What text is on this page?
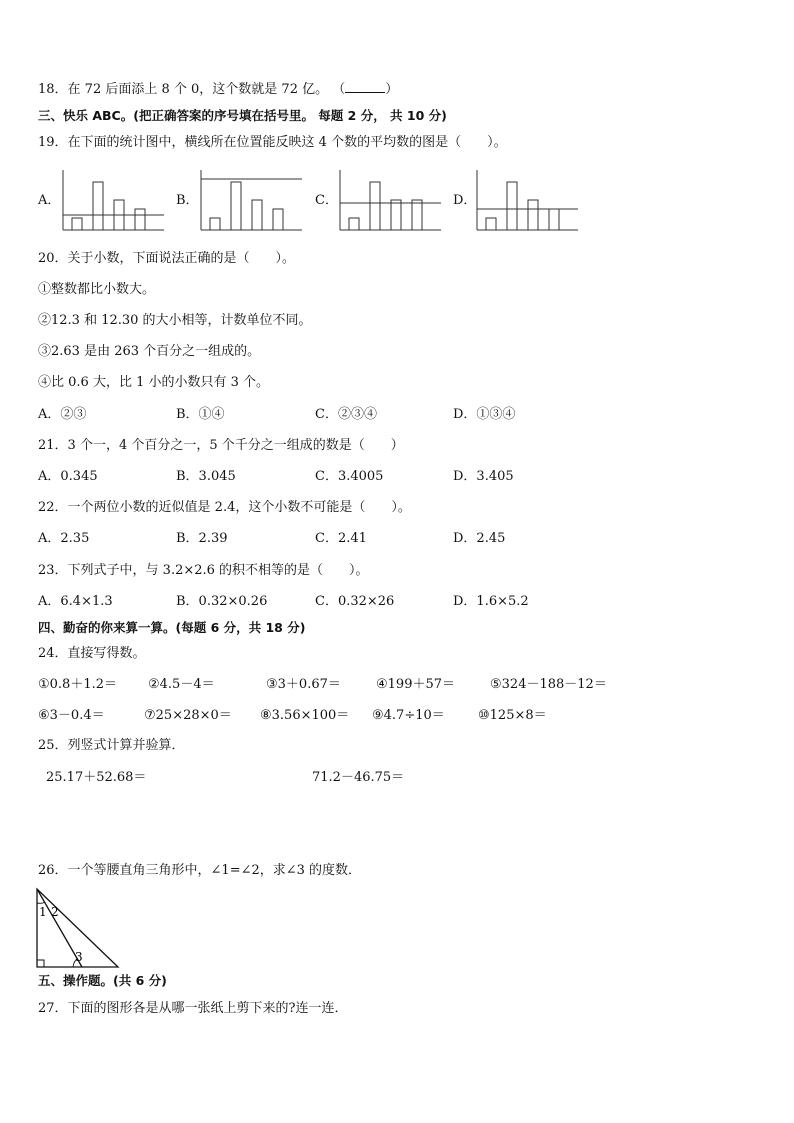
18．在 72 后面添上 8 个 0，这个数就是 72 亿。 （	）
三、快乐 ABC。(把正确答案的序号填在括号里。 每题 2 分， 共 10 分)
19．在下面的统计图中，横线所在位置能反映这 4 个数的平均数的图是（　　）。
A．	B．	C．	D．
20．关于小数，下面说法正确的是（　　）。
①整数都比小数大。
②12.3 和 12.30 的大小相等，计数单位不同。
③2.63 是由 263 个百分之一组成的。
④比 0.6 大，比 1 小的小数只有 3 个。
A．②③	B．①④	C．②③④	D．①③④
21．3 个一，4 个百分之一，5 个千分之一组成的数是（　　）
A．0.345	B．3.045	C．3.4005	D．3.405
22．一个两位小数的近似值是 2.4，这个小数不可能是（　　）。
A．2.35	B．2.39	C．2.41	D．2.45
23．下列式子中，与 3.2×2.6 的积不相等的是（　　）。
A．6.4×1.3	B．0.32×0.26	C．0.32×26	D．1.6×5.2
四、勤奋的你来算一算。(每题 6 分，共 18 分)
24．直接写得数。
①0.8＋1.2＝ ②4.5－4＝	③3＋0.67＝	④199＋57＝	⑤324－188－12＝
⑥3－0.4＝	⑦25×28×0＝ ⑧3.56×100＝ ⑨4.7÷10＝	⑩125×8＝
25．列竖式计算并验算．
25.17＋52.68＝	71.2－46.75＝
26．一个等腰直角三角形中，∠1=∠2，求∠3 的度数．
1 2
3
五、操作题。(共 6 分)
27．下面的图形各是从哪一张纸上剪下来的?连一连．
